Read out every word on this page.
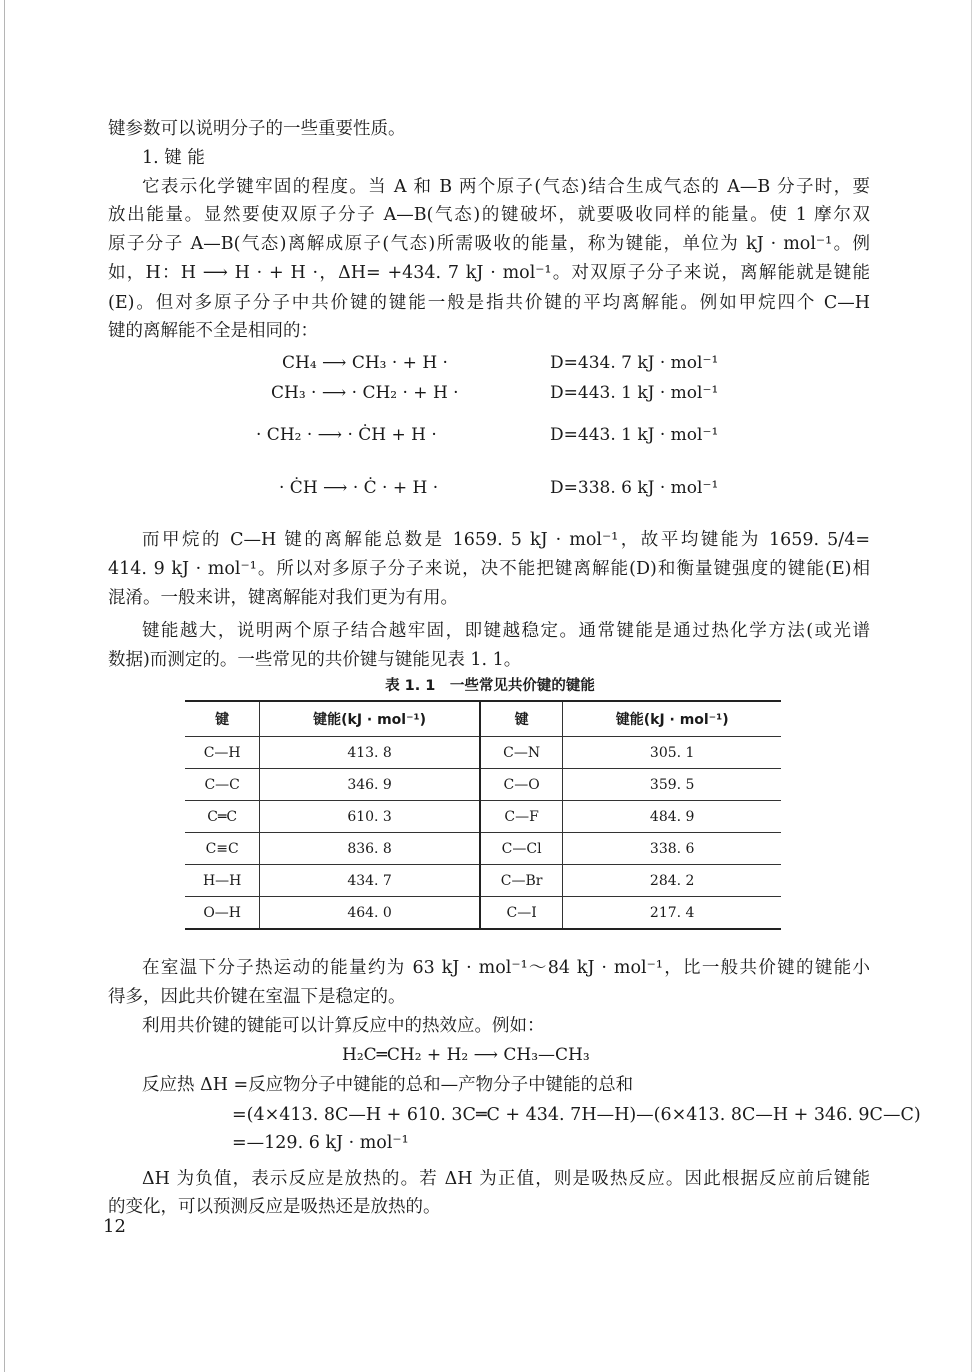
键参数可以说明分子的一些重要性质。
1. 键 能
它表示化学键牢固的程度。当 A 和 B 两个原子(气态)结合生成气态的 A—B 分子时，要
放出能量。显然要使双原子分子 A—B(气态)的键破坏，就要吸收同样的能量。使 1 摩尔双
原子分子 A—B(气态)离解成原子(气态)所需吸收的能量，称为键能，单位为 kJ · mol⁻¹。例
如，H：H ⟶ H · + H ·，ΔH= +434. 7 kJ · mol⁻¹。对双原子分子来说，离解能就是键能
(E)。但对多原子分子中共价键的键能一般是指共价键的平均离解能。例如甲烷四个 C—H
键的离解能不全是相同的：
CH₄ ⟶ CH₃ · + H ·	D=434. 7 kJ · mol⁻¹
CH₃ · ⟶ · CH₂ · + H ·	D=443. 1 kJ · mol⁻¹
· CH₂ · ⟶ · ĊH + H ·	D=443. 1 kJ · mol⁻¹
· ĊH ⟶ · Ċ · + H ·	D=338. 6 kJ · mol⁻¹
而甲烷的 C—H 键的离解能总数是 1659. 5 kJ · mol⁻¹，故平均键能为 1659. 5/4=
414. 9 kJ · mol⁻¹。所以对多原子分子来说，决不能把键离解能(D)和衡量键强度的键能(E)相
混淆。一般来讲，键离解能对我们更为有用。
键能越大，说明两个原子结合越牢固，即键越稳定。通常键能是通过热化学方法(或光谱
数据)而测定的。一些常见的共价键与键能见表 1. 1。
表 1. 1　一些常见共价键的键能
键	键能(kJ · mol⁻¹)	键	键能(kJ · mol⁻¹)
C—H	413. 8	C—N	305. 1
C—C	346. 9	C—O	359. 5
C═C	610. 3	C—F	484. 9
C≡C	836. 8	C—Cl	338. 6
H—H	434. 7	C—Br	284. 2
O—H	464. 0	C—I	217. 4
在室温下分子热运动的能量约为 63 kJ · mol⁻¹～84 kJ · mol⁻¹，比一般共价键的键能小
得多，因此共价键在室温下是稳定的。
利用共价键的键能可以计算反应中的热效应。例如：
H₂C═CH₂ + H₂ ⟶ CH₃—CH₃
反应热 ΔH =反应物分子中键能的总和—产物分子中键能的总和
=(4×413. 8C—H + 610. 3C═C + 434. 7H—H)—(6×413. 8C—H + 346. 9C—C)
=—129. 6 kJ · mol⁻¹
ΔH 为负值，表示反应是放热的。若 ΔH 为正值，则是吸热反应。因此根据反应前后键能
的变化，可以预测反应是吸热还是放热的。
12
